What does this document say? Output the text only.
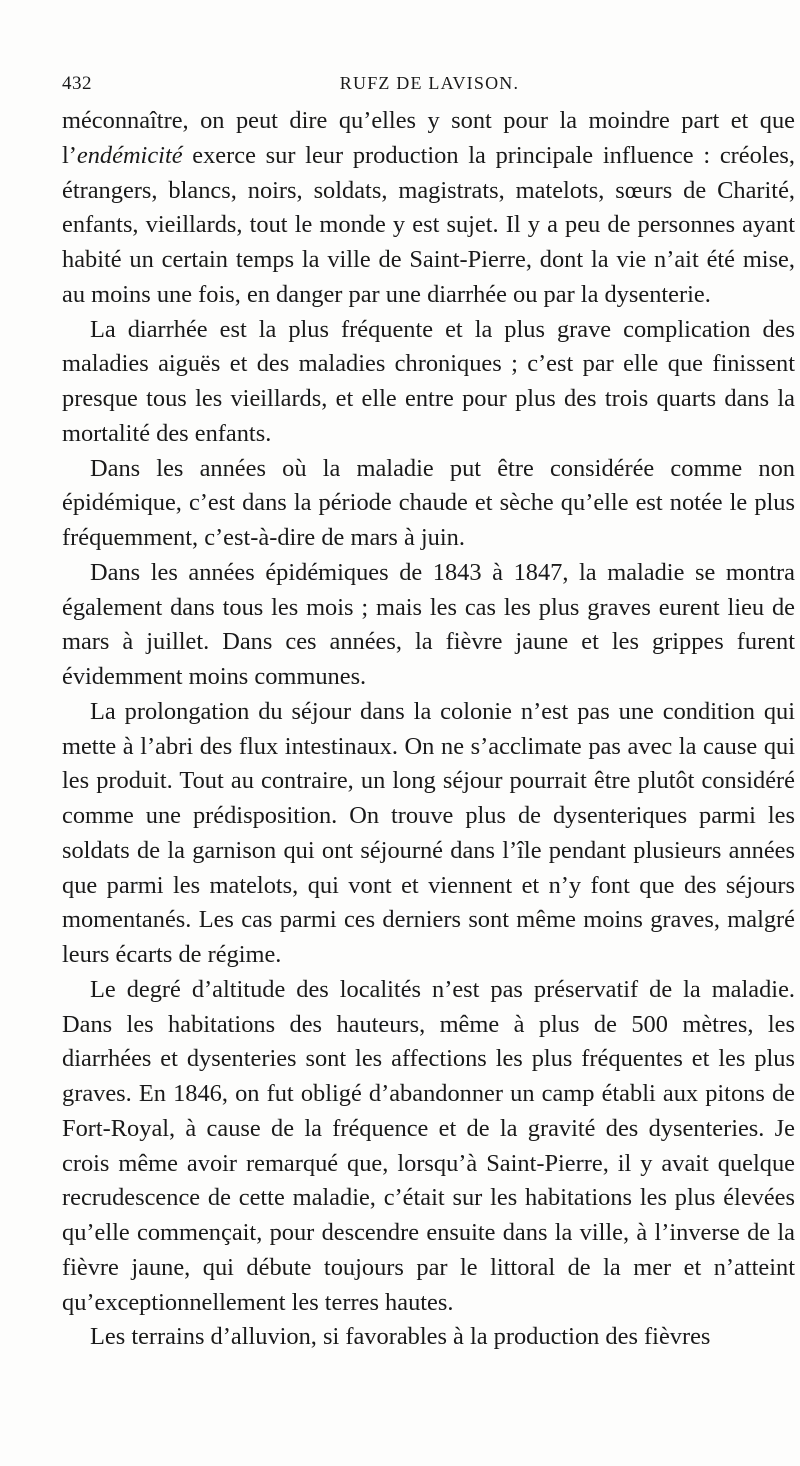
432	RUFZ DE LAVISON.

méconnaître, on peut dire qu’elles y sont pour la moindre part et que l’endémicité exerce sur leur production la principale influence : créoles, étrangers, blancs, noirs, soldats, magistrats, matelots, sœurs de Charité, enfants, vieillards, tout le monde y est sujet. Il y a peu de personnes ayant habité un certain temps la ville de Saint-Pierre, dont la vie n’ait été mise, au moins une fois, en danger par une diarrhée ou par la dysenterie.

La diarrhée est la plus fréquente et la plus grave complication des maladies aiguës et des maladies chroniques ; c’est par elle que finissent presque tous les vieillards, et elle entre pour plus des trois quarts dans la mortalité des enfants.

Dans les années où la maladie put être considérée comme non épidémique, c’est dans la période chaude et sèche qu’elle est notée le plus fréquemment, c’est-à-dire de mars à juin.

Dans les années épidémiques de 1843 à 1847, la maladie se montra également dans tous les mois ; mais les cas les plus graves eurent lieu de mars à juillet. Dans ces années, la fièvre jaune et les grippes furent évidemment moins communes.

La prolongation du séjour dans la colonie n’est pas une condition qui mette à l’abri des flux intestinaux. On ne s’acclimate pas avec la cause qui les produit. Tout au contraire, un long séjour pourrait être plutôt considéré comme une prédisposition. On trouve plus de dysenteriques parmi les soldats de la garnison qui ont séjourné dans l’île pendant plusieurs années que parmi les matelots, qui vont et viennent et n’y font que des séjours momentanés. Les cas parmi ces derniers sont même moins graves, malgré leurs écarts de régime.

Le degré d’altitude des localités n’est pas préservatif de la maladie. Dans les habitations des hauteurs, même à plus de 500 mètres, les diarrhées et dysenteries sont les affections les plus fréquentes et les plus graves. En 1846, on fut obligé d’abandonner un camp établi aux pitons de Fort-Royal, à cause de la fréquence et de la gravité des dysenteries. Je crois même avoir remarqué que, lorsqu’à Saint-Pierre, il y avait quelque recrudescence de cette maladie, c’était sur les habitations les plus élevées qu’elle commençait, pour descendre ensuite dans la ville, à l’inverse de la fièvre jaune, qui débute toujours par le littoral de la mer et n’atteint qu’exceptionnellement les terres hautes.

Les terrains d’alluvion, si favorables à la production des fièvres
